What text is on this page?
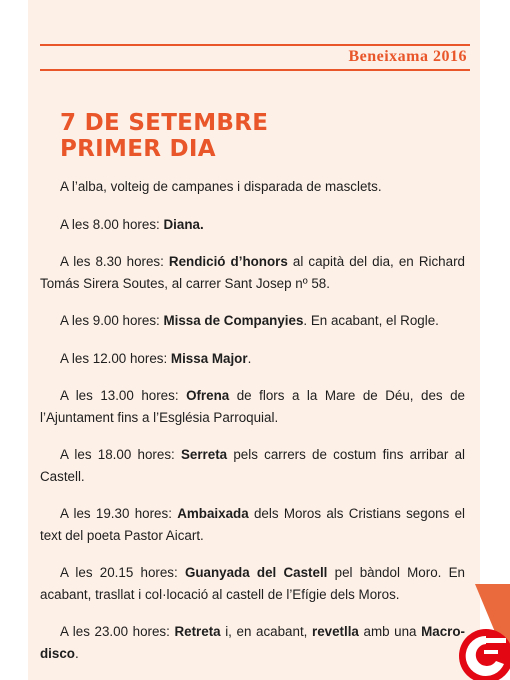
Beneixama 2016
7 DE SETEMBRE
PRIMER DIA

A l’alba, volteig de campanes i disparada de masclets.

A les 8.00 hores: Diana.

A les 8.30 hores: Rendició d’honors al capità del dia, en Richard Tomás Sirera Soutes, al carrer Sant Josep nº 58.

A les 9.00 hores: Missa de Companyies. En acabant, el Rogle.

A les 12.00 hores: Missa Major.

A les 13.00 hores: Ofrena de flors a la Mare de Déu, des de l’Ajuntament fins a l’Església Parroquial.

A les 18.00 hores: Serreta pels carrers de costum fins arribar al Castell.

A les 19.30 hores: Ambaixada dels Moros als Cristians segons el text del poeta Pastor Aicart.

A les 20.15 hores: Guanyada del Castell pel bàndol Moro. En acabant, trasllat i col·locació al castell de l’Efígie dels Moros.

A les 23.00 hores: Retreta i, en acabant, revetlla amb una Macro-disco.
